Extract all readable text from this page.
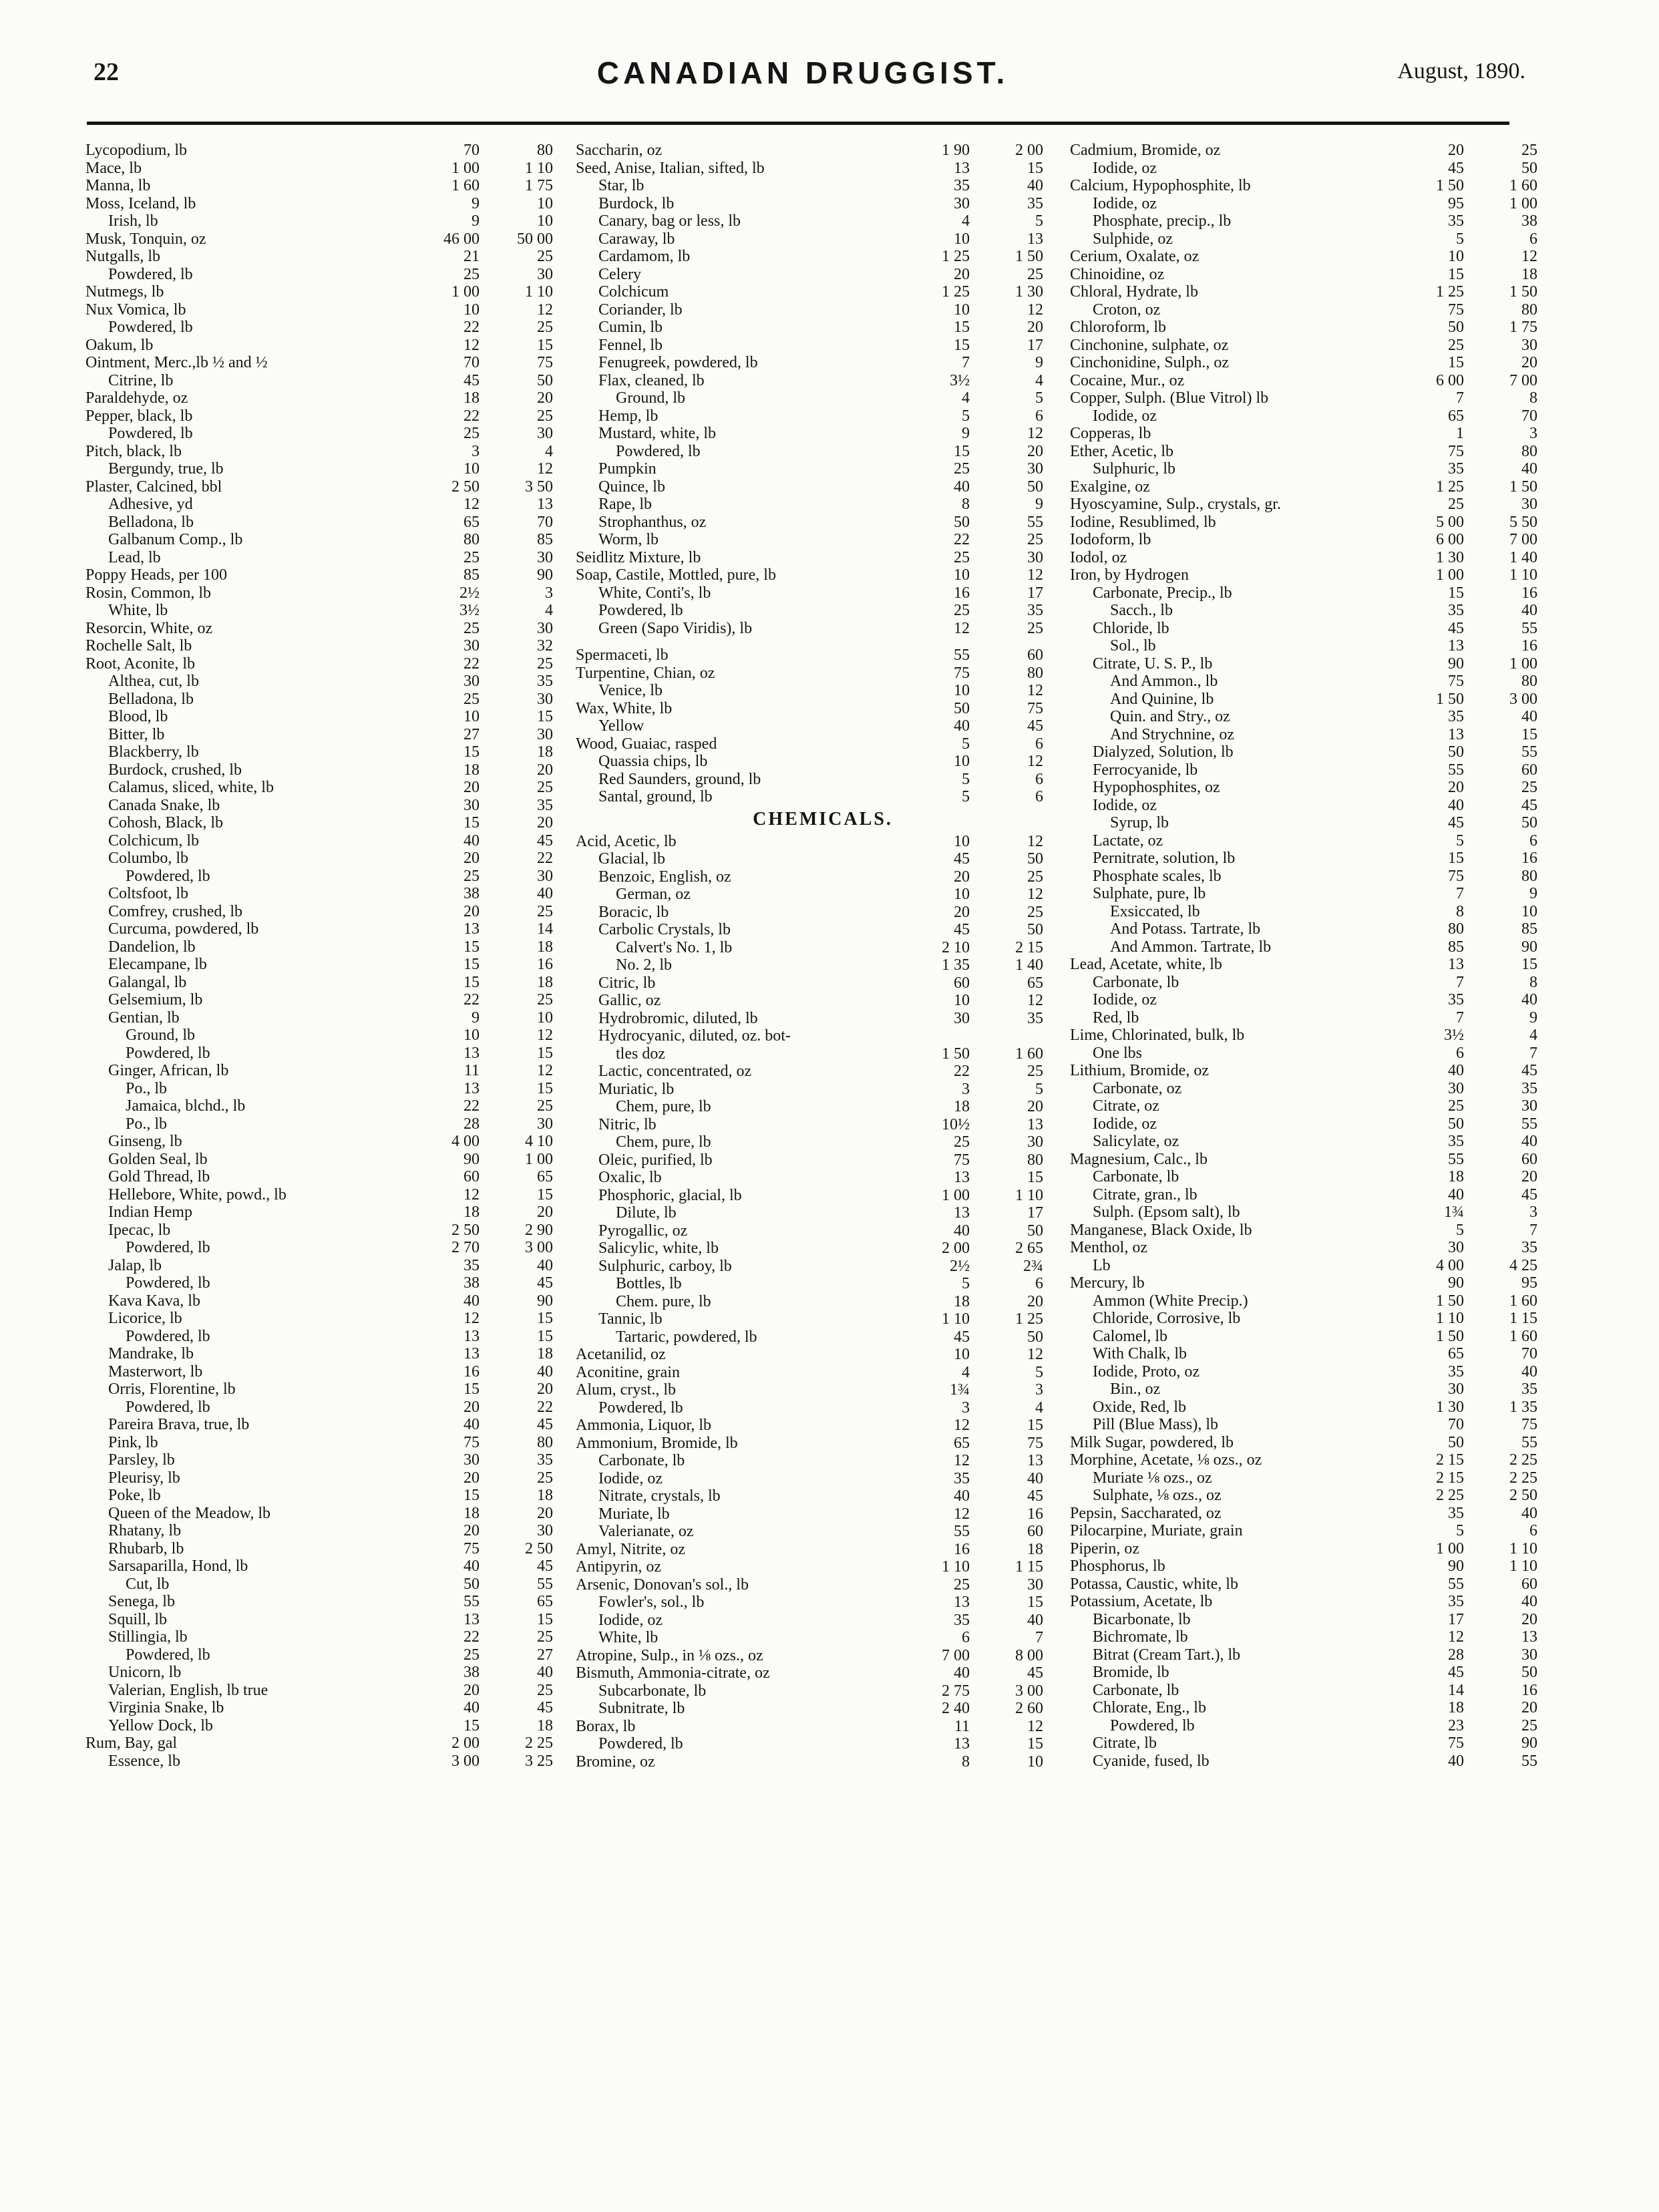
22	CANADIAN DRUGGIST.	August, 1890.
Lycopodium, lb	70	80
Mace, lb	1 00	1 10
Manna, lb	1 60	1 75
Moss, Iceland, lb	9	10
Irish, lb	9	10
Musk, Tonquin, oz	46 00	50 00
Nutgalls, lb	21	25
Powdered, lb	25	30
Nutmegs, lb	1 00	1 10
Nux Vomica, lb	10	12
Powdered, lb	22	25
Oakum, lb	12	15
Ointment, Merc.,lb ½ and ½	70	75
Citrine, lb	45	50
Paraldehyde, oz	18	20
Pepper, black, lb	22	25
Powdered, lb	25	30
Pitch, black, lb	3	4
Bergundy, true, lb	10	12
Plaster, Calcined, bbl	2 50	3 50
Adhesive, yd	12	13
Belladona, lb	65	70
Galbanum Comp., lb	80	85
Lead, lb	25	30
Poppy Heads, per 100	85	90
Rosin, Common, lb	2½	3
White, lb	3½	4
Resorcin, White, oz	25	30
Rochelle Salt, lb	30	32
Root, Aconite, lb	22	25
Althea, cut, lb	30	35
Belladona, lb	25	30
Blood, lb	10	15
Bitter, lb	27	30
Blackberry, lb	15	18
Burdock, crushed, lb	18	20
Calamus, sliced, white, lb	20	25
Canada Snake, lb	30	35
Cohosh, Black, lb	15	20
Colchicum, lb	40	45
Columbo, lb	20	22
Powdered, lb	25	30
Coltsfoot, lb	38	40
Comfrey, crushed, lb	20	25
Curcuma, powdered, lb	13	14
Dandelion, lb	15	18
Elecampane, lb	15	16
Galangal, lb	15	18
Gelsemium, lb	22	25
Gentian, lb	9	10
Ground, lb	10	12
Powdered, lb	13	15
Ginger, African, lb	11	12
Po., lb	13	15
Jamaica, blchd., lb	22	25
Po., lb	28	30
Ginseng, lb	4 00	4 10
Golden Seal, lb	90	1 00
Gold Thread, lb	60	65
Hellebore, White, powd., lb	12	15
Indian Hemp	18	20
Ipecac, lb	2 50	2 90
Powdered, lb	2 70	3 00
Jalap, lb	35	40
Powdered, lb	38	45
Kava Kava, lb	40	90
Licorice, lb	12	15
Powdered, lb	13	15
Mandrake, lb	13	18
Masterwort, lb	16	40
Orris, Florentine, lb	15	20
Powdered, lb	20	22
Pareira Brava, true, lb	40	45
Pink, lb	75	80
Parsley, lb	30	35
Pleurisy, lb	20	25
Poke, lb	15	18
Queen of the Meadow, lb	18	20
Rhatany, lb	20	30
Rhubarb, lb	75	2 50
Sarsaparilla, Hond, lb	40	45
Cut, lb	50	55
Senega, lb	55	65
Squill, lb	13	15
Stillingia, lb	22	25
Powdered, lb	25	27
Unicorn, lb	38	40
Valerian, English, lb true	20	25
Virginia Snake, lb	40	45
Yellow Dock, lb	15	18
Rum, Bay, gal	2 00	2 25
Essence, lb	3 00	3 25
Saccharin, oz	1 90	2 00
Seed, Anise, Italian, sifted, lb	13	15
Star, lb	35	40
Burdock, lb	30	35
Canary, bag or less, lb	4	5
Caraway, lb	10	13
Cardamom, lb	1 25	1 50
Celery	20	25
Colchicum	1 25	1 30
Coriander, lb	10	12
Cumin, lb	15	20
Fennel, lb	15	17
Fenugreek, powdered, lb	7	9
Flax, cleaned, lb	3½	4
Ground, lb	4	5
Hemp, lb	5	6
Mustard, white, lb	9	12
Powdered, lb	15	20
Pumpkin	25	30
Quince, lb	40	50
Rape, lb	8	9
Strophanthus, oz	50	55
Worm, lb	22	25
Seidlitz Mixture, lb	25	30
Soap, Castile, Mottled, pure, lb	10	12
White, Conti's, lb	16	17
Powdered, lb	25	35
Green (Sapo Viridis), lb	12	25
Spermaceti, lb	55	60
Turpentine, Chian, oz	75	80
Venice, lb	10	12
Wax, White, lb	50	75
Yellow	40	45
Wood, Guaiac, rasped	5	6
Quassia chips, lb	10	12
Red Saunders, ground, lb	5	6
Santal, ground, lb	5	6
CHEMICALS.
Acid, Acetic, lb	10	12
Glacial, lb	45	50
Benzoic, English, oz	20	25
German, oz	10	12
Boracic, lb	20	25
Carbolic Crystals, lb	45	50
Calvert's No. 1, lb	2 10	2 15
No. 2, lb	1 35	1 40
Citric, lb	60	65
Gallic, oz	10	12
Hydrobromic, diluted, lb	30	35
Hydrocyanic, diluted, oz. bot-
tles doz	1 50	1 60
Lactic, concentrated, oz	22	25
Muriatic, lb	3	5
Chem, pure, lb	18	20
Nitric, lb	10½	13
Chem, pure, lb	25	30
Oleic, purified, lb	75	80
Oxalic, lb	13	15
Phosphoric, glacial, lb	1 00	1 10
Dilute, lb	13	17
Pyrogallic, oz	40	50
Salicylic, white, lb	2 00	2 65
Sulphuric, carboy, lb	2½	2¾
Bottles, lb	5	6
Chem. pure, lb	18	20
Tannic, lb	1 10	1 25
Tartaric, powdered, lb	45	50
Acetanilid, oz	10	12
Aconitine, grain	4	5
Alum, cryst., lb	1¾	3
Powdered, lb	3	4
Ammonia, Liquor, lb	12	15
Ammonium, Bromide, lb	65	75
Carbonate, lb	12	13
Iodide, oz	35	40
Nitrate, crystals, lb	40	45
Muriate, lb	12	16
Valerianate, oz	55	60
Amyl, Nitrite, oz	16	18
Antipyrin, oz	1 10	1 15
Arsenic, Donovan's sol., lb	25	30
Fowler's, sol., lb	13	15
Iodide, oz	35	40
White, lb	6	7
Atropine, Sulp., in ⅛ ozs., oz	7 00	8 00
Bismuth, Ammonia-citrate, oz	40	45
Subcarbonate, lb	2 75	3 00
Subnitrate, lb	2 40	2 60
Borax, lb	11	12
Powdered, lb	13	15
Bromine, oz	8	10
Cadmium, Bromide, oz	20	25
Iodide, oz	45	50
Calcium, Hypophosphite, lb	1 50	1 60
Iodide, oz	95	1 00
Phosphate, precip., lb	35	38
Sulphide, oz	5	6
Cerium, Oxalate, oz	10	12
Chinoidine, oz	15	18
Chloral, Hydrate, lb	1 25	1 50
Croton, oz	75	80
Chloroform, lb	50	1 75
Cinchonine, sulphate, oz	25	30
Cinchonidine, Sulph., oz	15	20
Cocaine, Mur., oz	6 00	7 00
Copper, Sulph. (Blue Vitrol) lb	7	8
Iodide, oz	65	70
Copperas, lb	1	3
Ether, Acetic, lb	75	80
Sulphuric, lb	35	40
Exalgine, oz	1 25	1 50
Hyoscyamine, Sulp., crystals, gr.	25	30
Iodine, Resublimed, lb	5 00	5 50
Iodoform, lb	6 00	7 00
Iodol, oz	1 30	1 40
Iron, by Hydrogen	1 00	1 10
Carbonate, Precip., lb	15	16
Sacch., lb	35	40
Chloride, lb	45	55
Sol., lb	13	16
Citrate, U. S. P., lb	90	1 00
And Ammon., lb	75	80
And Quinine, lb	1 50	3 00
Quin. and Stry., oz	35	40
And Strychnine, oz	13	15
Dialyzed, Solution, lb	50	55
Ferrocyanide, lb	55	60
Hypophosphites, oz	20	25
Iodide, oz	40	45
Syrup, lb	45	50
Lactate, oz	5	6
Pernitrate, solution, lb	15	16
Phosphate scales, lb	75	80
Sulphate, pure, lb	7	9
Exsiccated, lb	8	10
And Potass. Tartrate, lb	80	85
And Ammon. Tartrate, lb	85	90
Lead, Acetate, white, lb	13	15
Carbonate, lb	7	8
Iodide, oz	35	40
Red, lb	7	9
Lime, Chlorinated, bulk, lb	3½	4
One lbs	6	7
Lithium, Bromide, oz	40	45
Carbonate, oz	30	35
Citrate, oz	25	30
Iodide, oz	50	55
Salicylate, oz	35	40
Magnesium, Calc., lb	55	60
Carbonate, lb	18	20
Citrate, gran., lb	40	45
Sulph. (Epsom salt), lb	1¾	3
Manganese, Black Oxide, lb	5	7
Menthol, oz	30	35
Lb	4 00	4 25
Mercury, lb	90	95
Ammon (White Precip.)	1 50	1 60
Chloride, Corrosive, lb	1 10	1 15
Calomel, lb	1 50	1 60
With Chalk, lb	65	70
Iodide, Proto, oz	35	40
Bin., oz	30	35
Oxide, Red, lb	1 30	1 35
Pill (Blue Mass), lb	70	75
Milk Sugar, powdered, lb	50	55
Morphine, Acetate, ⅛ ozs., oz	2 15	2 25
Muriate ⅛ ozs., oz	2 15	2 25
Sulphate, ⅛ ozs., oz	2 25	2 50
Pepsin, Saccharated, oz	35	40
Pilocarpine, Muriate, grain	5	6
Piperin, oz	1 00	1 10
Phosphorus, lb	90	1 10
Potassa, Caustic, white, lb	55	60
Potassium, Acetate, lb	35	40
Bicarbonate, lb	17	20
Bichromate, lb	12	13
Bitrat (Cream Tart.), lb	28	30
Bromide, lb	45	50
Carbonate, lb	14	16
Chlorate, Eng., lb	18	20
Powdered, lb	23	25
Citrate, lb	75	90
Cyanide, fused, lb	40	55
